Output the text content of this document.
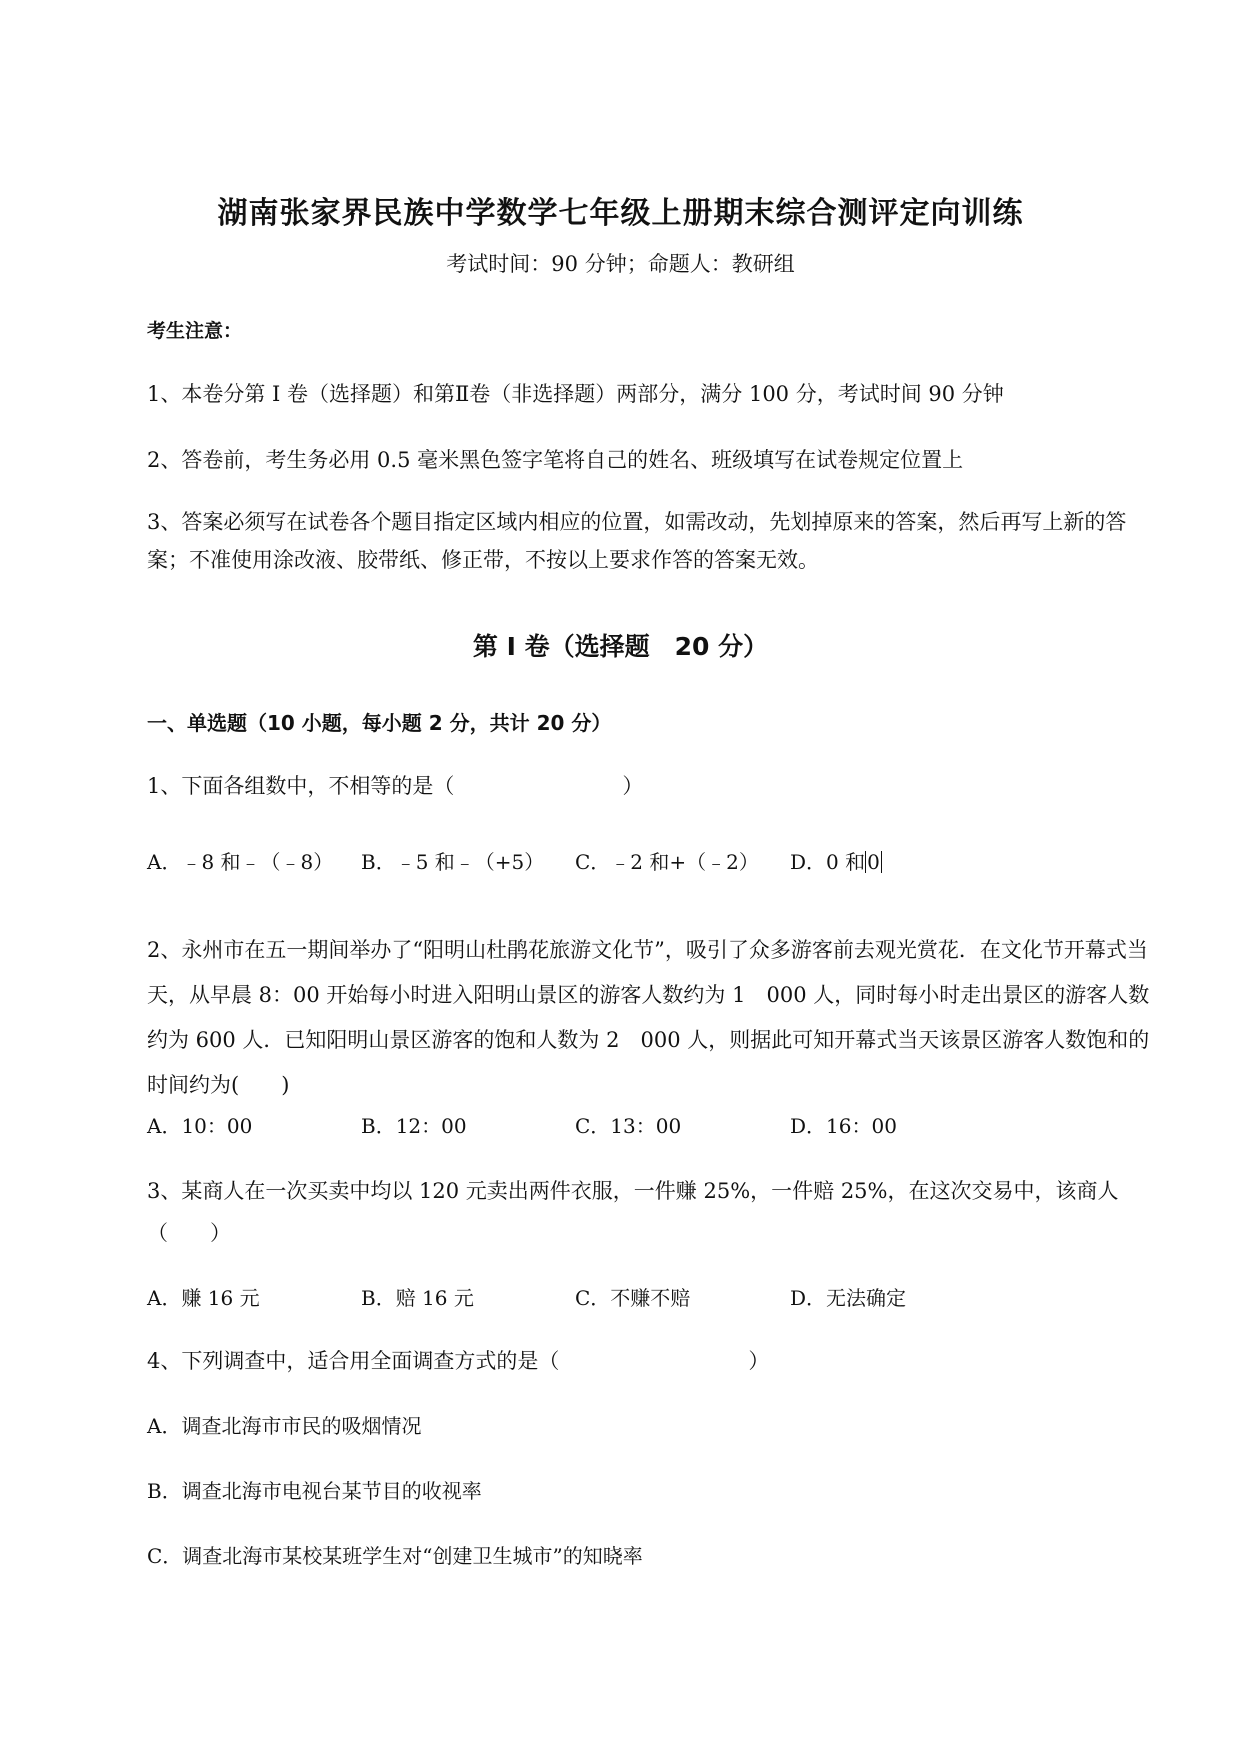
湖南张家界民族中学数学七年级上册期末综合测评定向训练
考试时间：90 分钟；命题人：教研组
考生注意：
1、本卷分第 I 卷（选择题）和第Ⅱ卷（非选择题）两部分，满分 100 分，考试时间 90 分钟
2、答卷前，考生务必用 0.5 毫米黑色签字笔将自己的姓名、班级填写在试卷规定位置上
3、答案必须写在试卷各个题目指定区域内相应的位置，如需改动，先划掉原来的答案，然后再写上新的答案；不准使用涂改液、胶带纸、修正带，不按以上要求作答的答案无效。
第 I 卷（选择题　20 分）
一、单选题（10 小题，每小题 2 分，共计 20 分）
1、下面各组数中，不相等的是（　　　　　　　　）
A．﹣8 和﹣（﹣8） B．﹣5 和﹣（+5） C．﹣2 和+（﹣2） D．0 和 0
2、永州市在五一期间举办了“阳明山杜鹃花旅游文化节”，吸引了众多游客前去观光赏花．在文化节开幕式当天，从早晨 8：00 开始每小时进入阳明山景区的游客人数约为 1　000 人，同时每小时走出景区的游客人数约为 600 人．已知阳明山景区游客的饱和人数为 2　000 人，则据此可知开幕式当天该景区游客人数饱和的时间约为(　　)
A．10：00	B．12：00	C．13：00	D．16：00
3、某商人在一次买卖中均以 120 元卖出两件衣服，一件赚 25%，一件赔 25%，在这次交易中，该商人（　　）
A．赚 16 元	B．赔 16 元	C．不赚不赔	D．无法确定
4、下列调查中，适合用全面调查方式的是（　　　　　　　　　）
A．调查北海市市民的吸烟情况
B．调查北海市电视台某节目的收视率
C．调查北海市某校某班学生对“创建卫生城市”的知晓率
